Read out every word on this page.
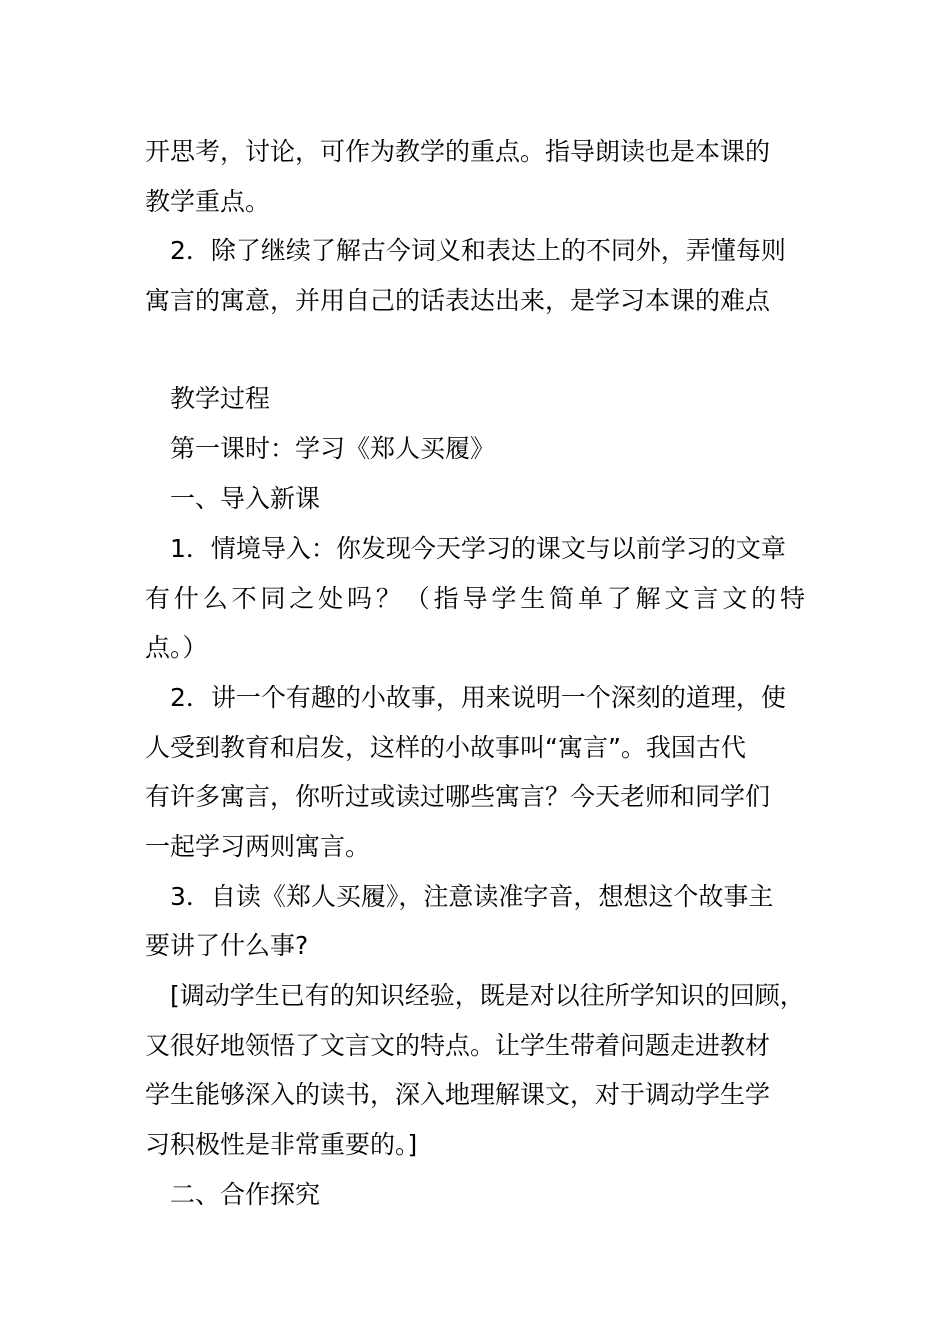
开思考，讨论，可作为教学的重点。指导朗读也是本课的
教学重点。
2．除了继续了解古今词义和表达上的不同外，弄懂每则
寓言的寓意，并用自己的话表达出来，是学习本课的难点
教学过程
第一课时：学习《郑人买履》
一、导入新课
1．情境导入：你发现今天学习的课文与以前学习的文章
有什么不同之处吗？（指导学生简单了解文言文的特
点。）
2．讲一个有趣的小故事，用来说明一个深刻的道理，使
人受到教育和启发，这样的小故事叫“寓言”。我国古代
有许多寓言，你听过或读过哪些寓言？今天老师和同学们
一起学习两则寓言。
3．自读《郑人买履》，注意读准字音，想想这个故事主
要讲了什么事?
[调动学生已有的知识经验，既是对以往所学知识的回顾，
又很好地领悟了文言文的特点。让学生带着问题走进教材
学生能够深入的读书，深入地理解课文，对于调动学生学
习积极性是非常重要的。]
二、合作探究
